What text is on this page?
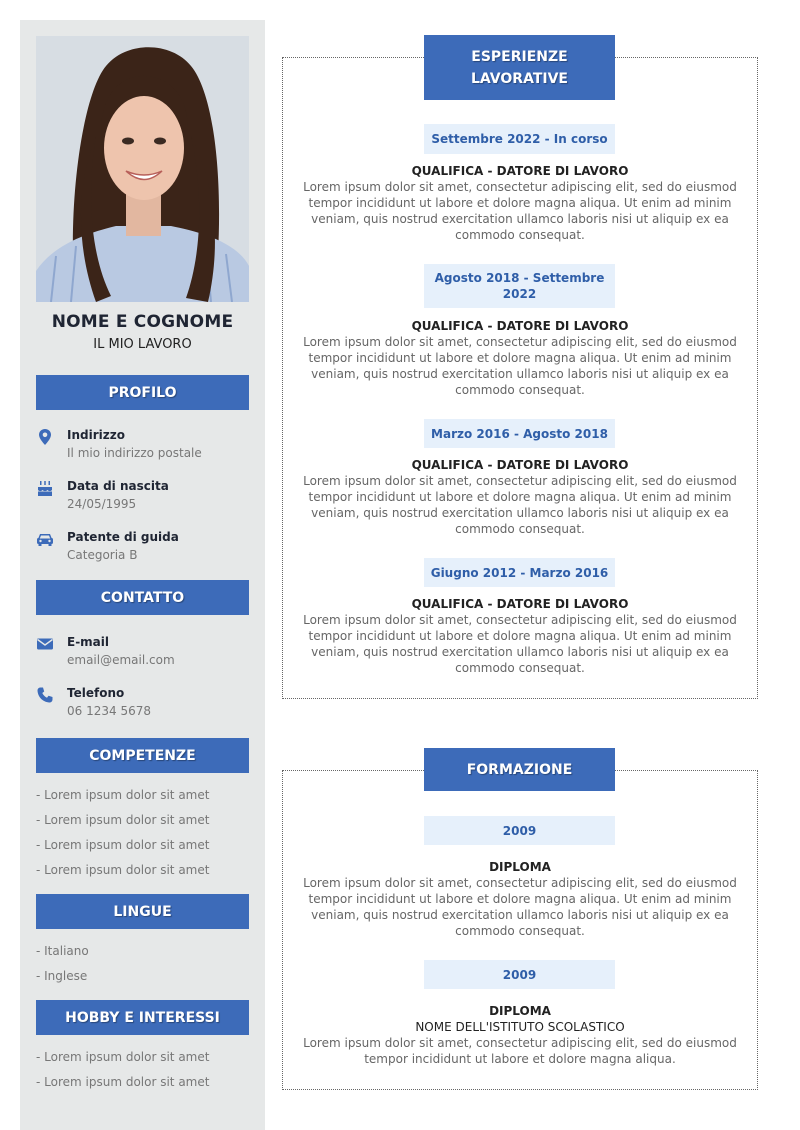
NOME E COGNOME
IL MIO LAVORO
PROFILO
Indirizzo
Il mio indirizzo postale
Data di nascita
24/05/1995
Patente di guida
Categoria B
CONTATTO
E-mail
email@email.com
Telefono
06 1234 5678
COMPETENZE
- Lorem ipsum dolor sit amet
- Lorem ipsum dolor sit amet
- Lorem ipsum dolor sit amet
- Lorem ipsum dolor sit amet
LINGUE
- Italiano
- Inglese
HOBBY E INTERESSI
- Lorem ipsum dolor sit amet
- Lorem ipsum dolor sit amet
ESPERIENZE
LAVORATIVE
Settembre 2022 - In corso
QUALIFICA - DATORE DI LAVORO
Lorem ipsum dolor sit amet, consectetur adipiscing elit, sed do eiusmod tempor incididunt ut labore et dolore magna aliqua. Ut enim ad minim veniam, quis nostrud exercitation ullamco laboris nisi ut aliquip ex ea commodo consequat.
Agosto 2018 - Settembre 2022
QUALIFICA - DATORE DI LAVORO
Lorem ipsum dolor sit amet, consectetur adipiscing elit, sed do eiusmod tempor incididunt ut labore et dolore magna aliqua. Ut enim ad minim veniam, quis nostrud exercitation ullamco laboris nisi ut aliquip ex ea commodo consequat.
Marzo 2016 - Agosto 2018
QUALIFICA - DATORE DI LAVORO
Lorem ipsum dolor sit amet, consectetur adipiscing elit, sed do eiusmod tempor incididunt ut labore et dolore magna aliqua. Ut enim ad minim veniam, quis nostrud exercitation ullamco laboris nisi ut aliquip ex ea commodo consequat.
Giugno 2012 - Marzo 2016
QUALIFICA - DATORE DI LAVORO
Lorem ipsum dolor sit amet, consectetur adipiscing elit, sed do eiusmod tempor incididunt ut labore et dolore magna aliqua. Ut enim ad minim veniam, quis nostrud exercitation ullamco laboris nisi ut aliquip ex ea commodo consequat.
FORMAZIONE
2009
DIPLOMA
Lorem ipsum dolor sit amet, consectetur adipiscing elit, sed do eiusmod tempor incididunt ut labore et dolore magna aliqua. Ut enim ad minim veniam, quis nostrud exercitation ullamco laboris nisi ut aliquip ex ea commodo consequat.
2009
DIPLOMA
NOME DELL'ISTITUTO SCOLASTICO
Lorem ipsum dolor sit amet, consectetur adipiscing elit, sed do eiusmod tempor incididunt ut labore et dolore magna aliqua.
